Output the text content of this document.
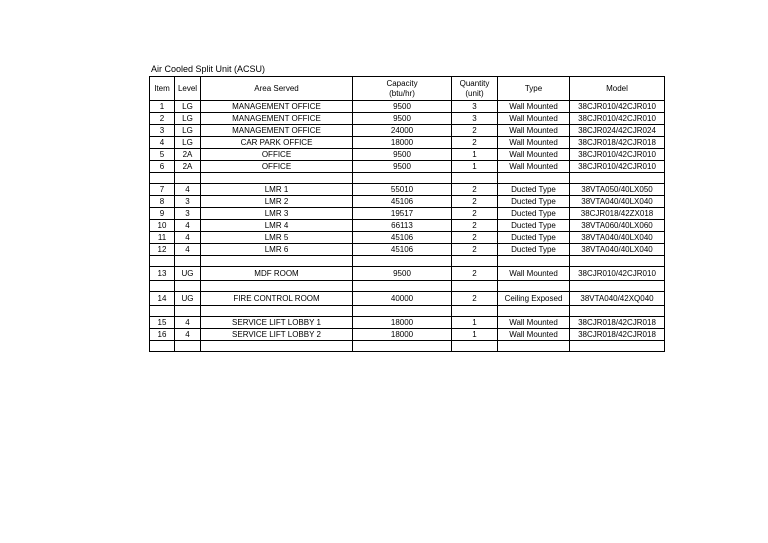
Air Cooled Split Unit (ACSU)
Item	Level	Area Served	Capacity (btu/hr)	Quantity (unit)	Type	Model
1	LG	MANAGEMENT OFFICE	9500	3	Wall Mounted	38CJR010/42CJR010
2	LG	MANAGEMENT OFFICE	9500	3	Wall Mounted	38CJR010/42CJR010
3	LG	MANAGEMENT OFFICE	24000	2	Wall Mounted	38CJR024/42CJR024
4	LG	CAR PARK OFFICE	18000	2	Wall Mounted	38CJR018/42CJR018
5	2A	OFFICE	9500	1	Wall Mounted	38CJR010/42CJR010
6	2A	OFFICE	9500	1	Wall Mounted	38CJR010/42CJR010

7	4	LMR 1	55010	2	Ducted Type	38VTA050/40LX050
8	3	LMR 2	45106	2	Ducted Type	38VTA040/40LX040
9	3	LMR 3	19517	2	Ducted Type	38CJR018/42ZX018
10	4	LMR 4	66113	2	Ducted Type	38VTA060/40LX060
11	4	LMR 5	45106	2	Ducted Type	38VTA040/40LX040
12	4	LMR 6	45106	2	Ducted Type	38VTA040/40LX040

13	UG	MDF ROOM	9500	2	Wall Mounted	38CJR010/42CJR010

14	UG	FIRE CONTROL ROOM	40000	2	Ceiling Exposed	38VTA040/42XQ040

15	4	SERVICE LIFT LOBBY 1	18000	1	Wall Mounted	38CJR018/42CJR018
16	4	SERVICE LIFT LOBBY 2	18000	1	Wall Mounted	38CJR018/42CJR018
